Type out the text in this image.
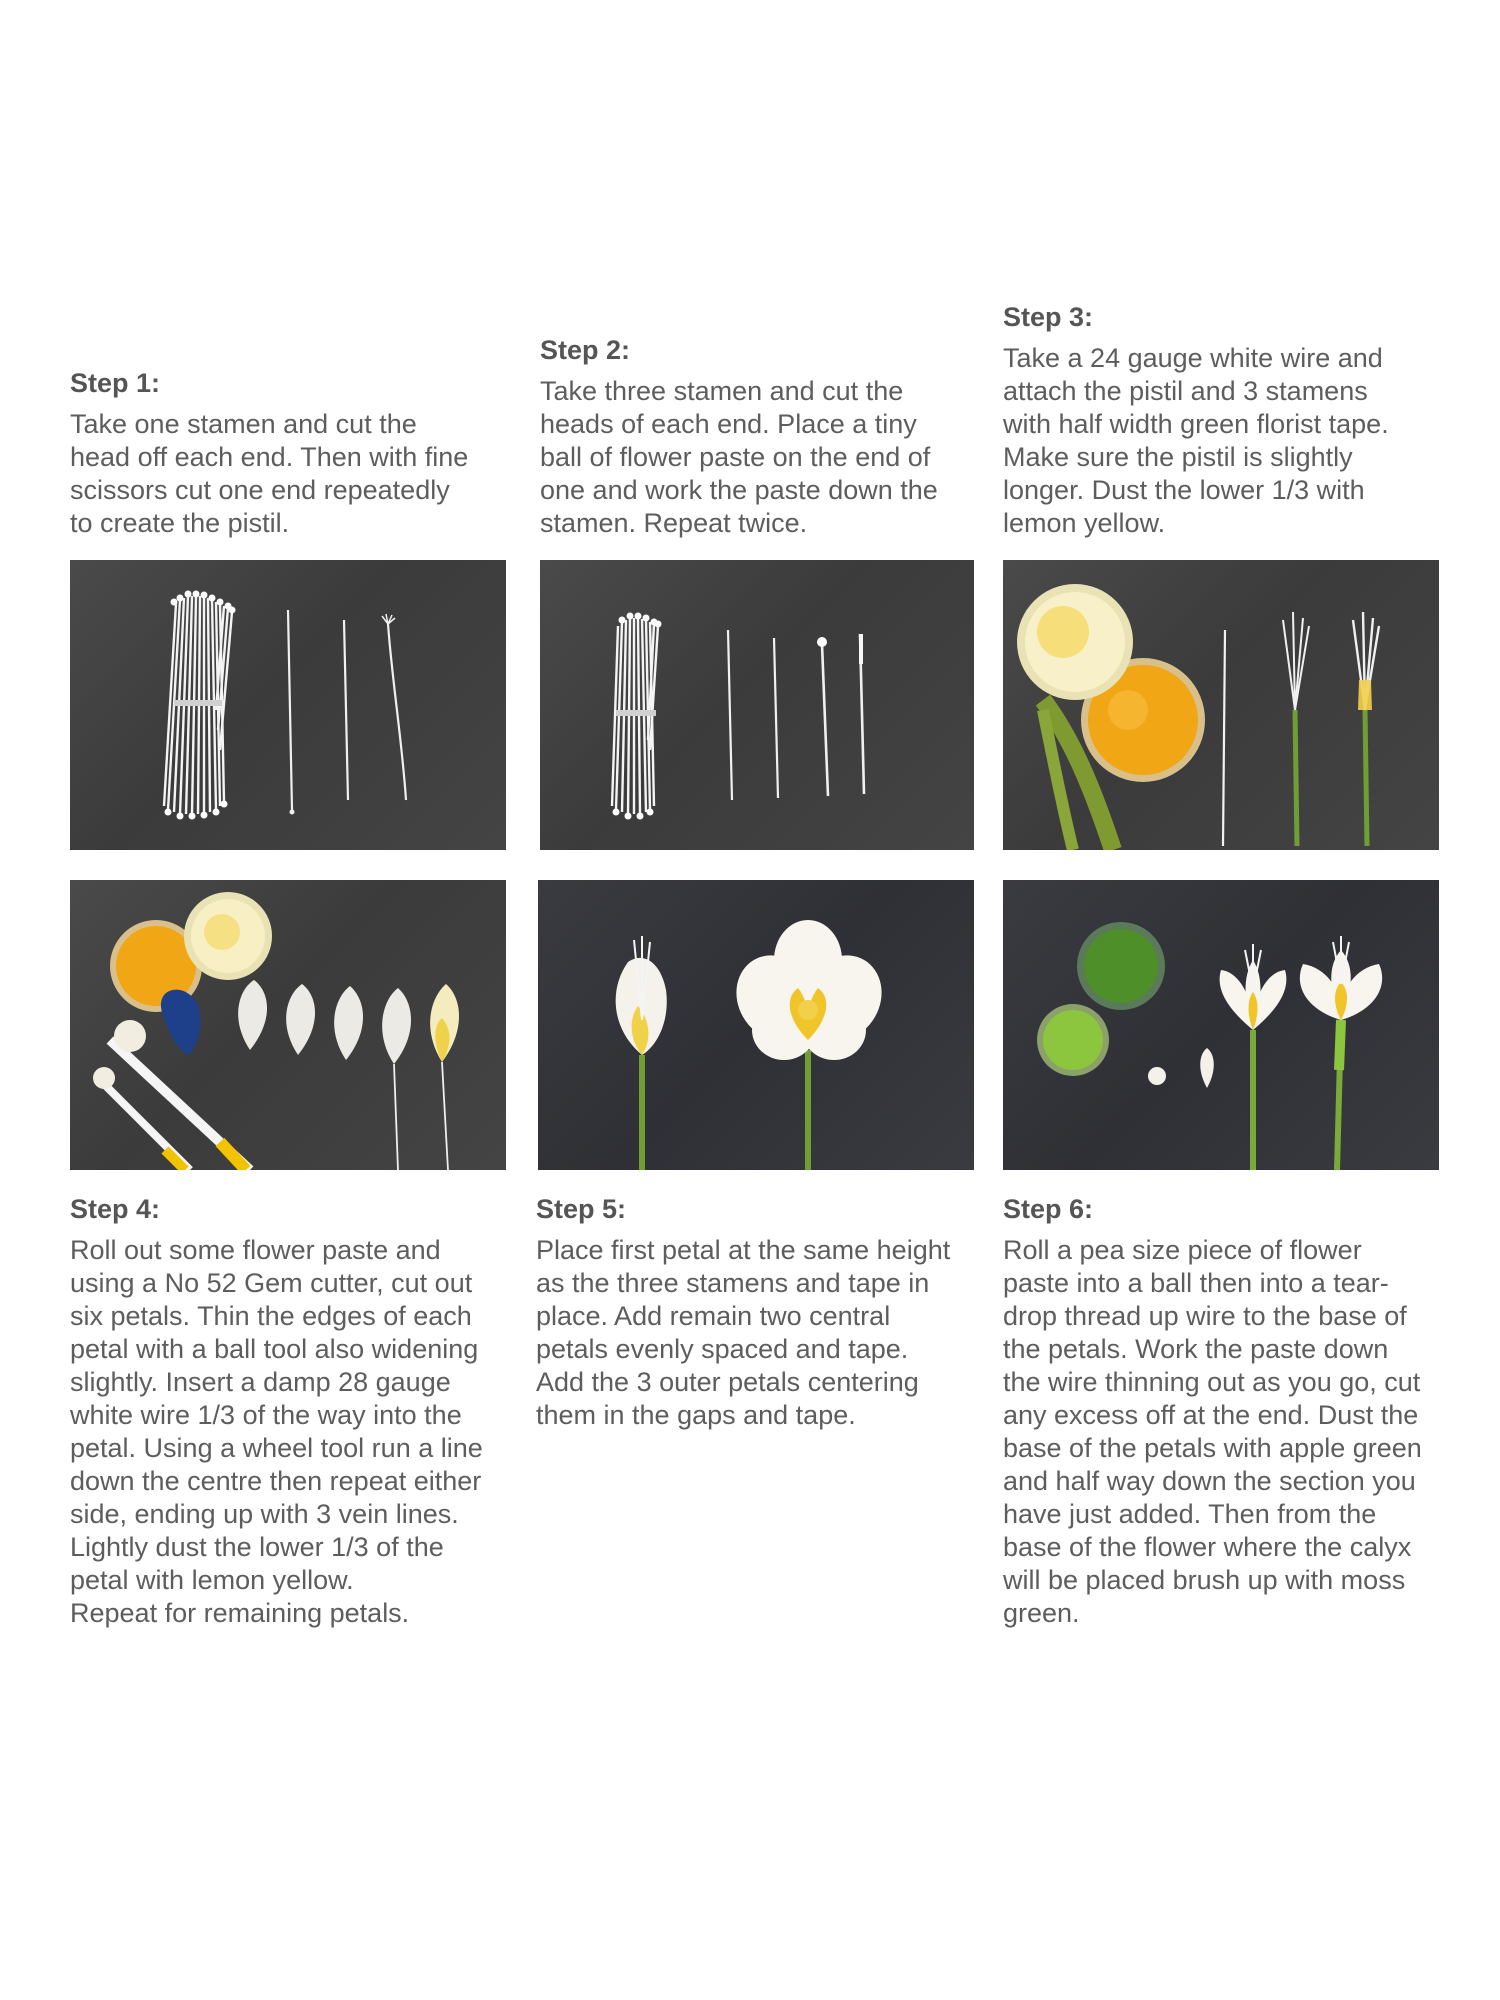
Step 1:
Take one stamen and cut the
head off each end. Then with fine
scissors cut one end repeatedly
to create the pistil.
Step 2:
Take three stamen and cut the
heads of each end. Place a tiny
ball of flower paste on the end of
one and work the paste down the
stamen. Repeat twice.
Step 3:
Take a 24 gauge white wire and
attach the pistil and 3 stamens
with half width green florist tape.
Make sure the pistil is slightly
longer. Dust the lower 1/3 with
lemon yellow.
Step 4:
Roll out some flower paste and
using a No 52 Gem cutter, cut out
six petals. Thin the edges of each
petal with a ball tool also widening
slightly. Insert a damp 28 gauge
white wire 1/3 of the way into the
petal. Using a wheel tool run a line
down the centre then repeat either
side, ending up with 3 vein lines.
Lightly dust the lower 1/3 of the
petal with lemon yellow.
Repeat for remaining petals.
Step 5:
Place first petal at the same height
as the three stamens and tape in
place. Add remain two central
petals evenly spaced and tape.
Add the 3 outer petals centering
them in the gaps and tape.
Step 6:
Roll a pea size piece of flower
paste into a ball then into a tear-
drop thread up wire to the base of
the petals. Work the paste down
the wire thinning out as you go, cut
any excess off at the end. Dust the
base of the petals with apple green
and half way down the section you
have just added. Then from the
base of the flower where the calyx
will be placed brush up with moss
green.
